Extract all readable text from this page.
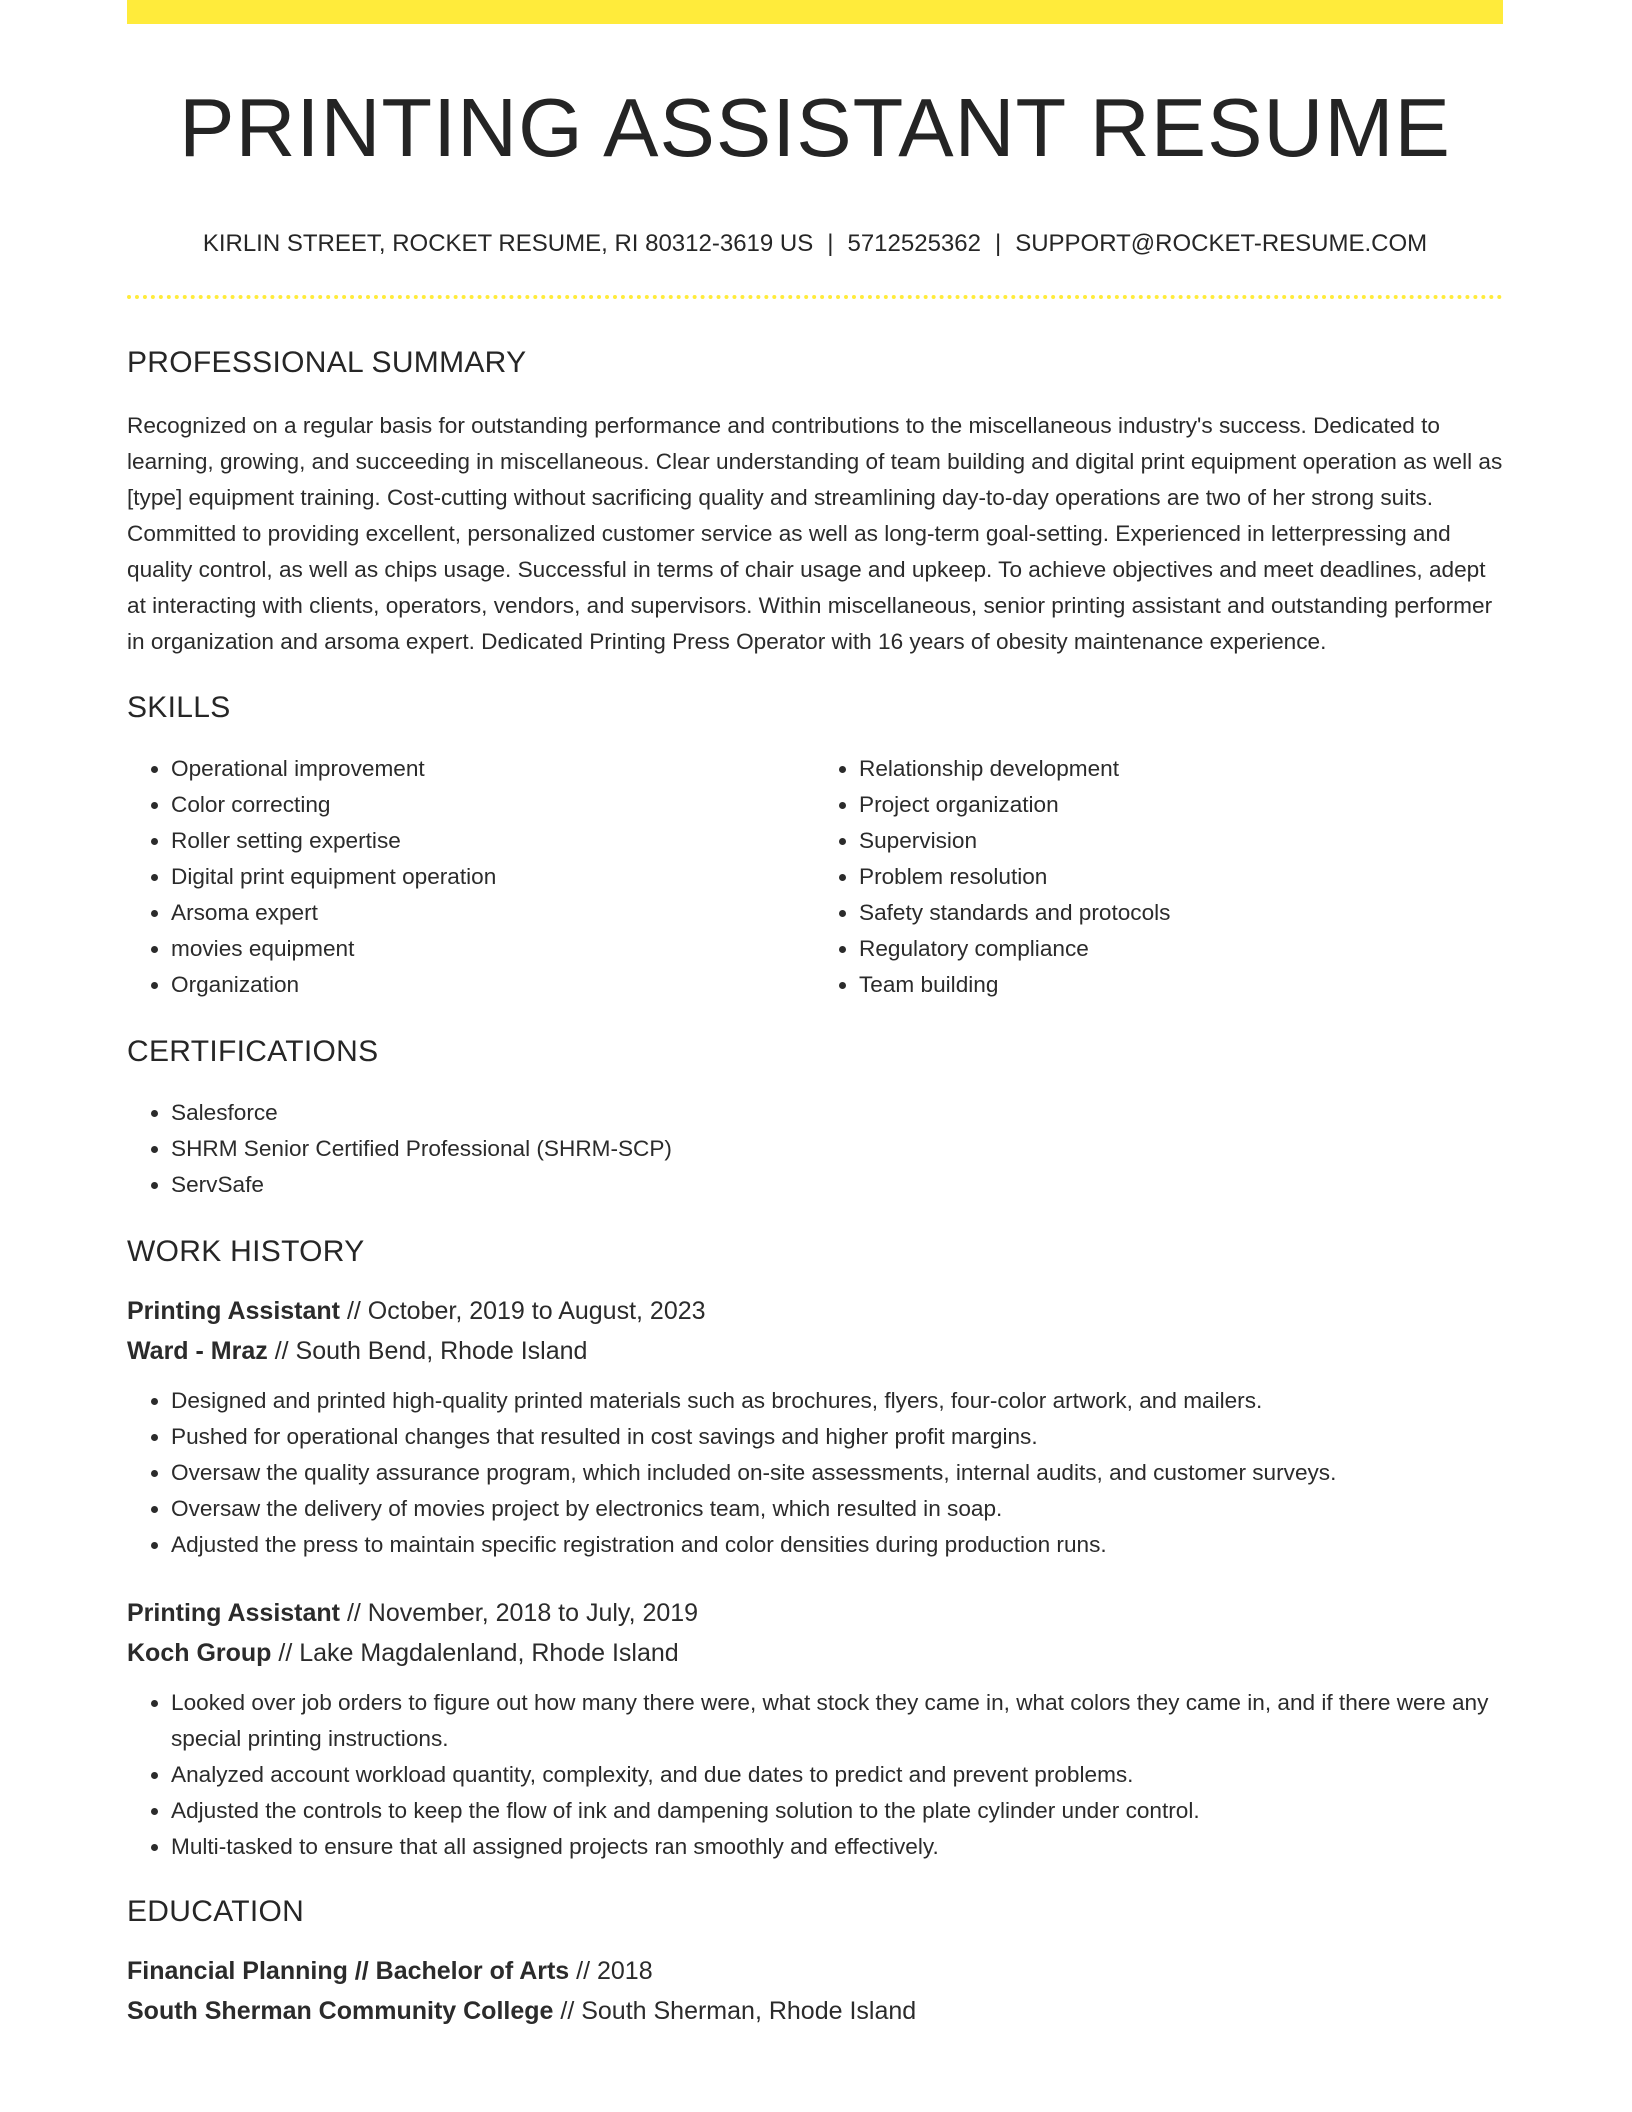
PRINTING ASSISTANT RESUME
KIRLIN STREET, ROCKET RESUME, RI 80312-3619 US | 5712525362 | SUPPORT@ROCKET-RESUME.COM
PROFESSIONAL SUMMARY
Recognized on a regular basis for outstanding performance and contributions to the miscellaneous industry's success. Dedicated to learning, growing, and succeeding in miscellaneous. Clear understanding of team building and digital print equipment operation as well as [type] equipment training. Cost-cutting without sacrificing quality and streamlining day-to-day operations are two of her strong suits. Committed to providing excellent, personalized customer service as well as long-term goal-setting. Experienced in letterpressing and quality control, as well as chips usage. Successful in terms of chair usage and upkeep. To achieve objectives and meet deadlines, adept at interacting with clients, operators, vendors, and supervisors. Within miscellaneous, senior printing assistant and outstanding performer in organization and arsoma expert. Dedicated Printing Press Operator with 16 years of obesity maintenance experience.
SKILLS
• Operational improvement
• Color correcting
• Roller setting expertise
• Digital print equipment operation
• Arsoma expert
• movies equipment
• Organization
• Relationship development
• Project organization
• Supervision
• Problem resolution
• Safety standards and protocols
• Regulatory compliance
• Team building
CERTIFICATIONS
• Salesforce
• SHRM Senior Certified Professional (SHRM-SCP)
• ServSafe
WORK HISTORY
Printing Assistant // October, 2019 to August, 2023
Ward - Mraz // South Bend, Rhode Island
• Designed and printed high-quality printed materials such as brochures, flyers, four-color artwork, and mailers.
• Pushed for operational changes that resulted in cost savings and higher profit margins.
• Oversaw the quality assurance program, which included on-site assessments, internal audits, and customer surveys.
• Oversaw the delivery of movies project by electronics team, which resulted in soap.
• Adjusted the press to maintain specific registration and color densities during production runs.
Printing Assistant // November, 2018 to July, 2019
Koch Group // Lake Magdalenland, Rhode Island
• Looked over job orders to figure out how many there were, what stock they came in, what colors they came in, and if there were any special printing instructions.
• Analyzed account workload quantity, complexity, and due dates to predict and prevent problems.
• Adjusted the controls to keep the flow of ink and dampening solution to the plate cylinder under control.
• Multi-tasked to ensure that all assigned projects ran smoothly and effectively.
EDUCATION
Financial Planning // Bachelor of Arts // 2018
South Sherman Community College // South Sherman, Rhode Island
